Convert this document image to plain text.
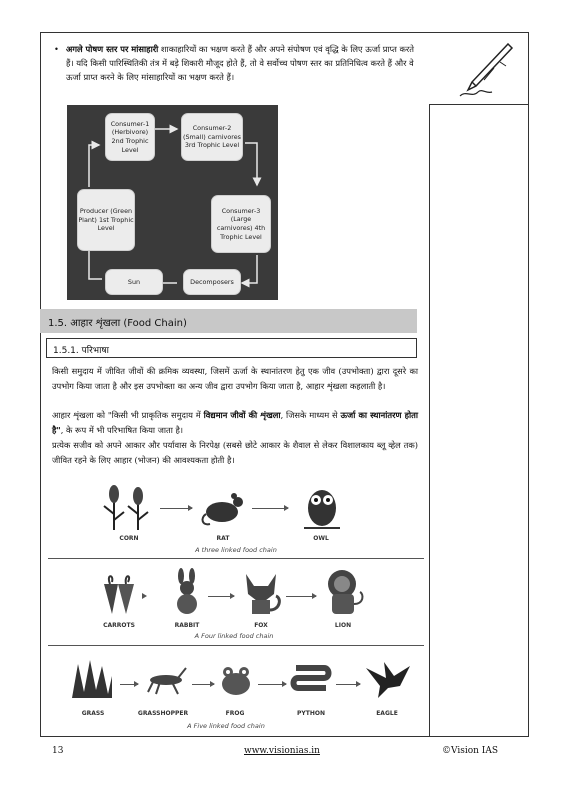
• अगले पोषण स्तर पर मांसाहारी शाकाहारियों का भक्षण करते हैं और अपने संपोषण एवं वृद्धि के लिए ऊर्जा प्राप्त करते हैं। यदि किसी पारिस्थितिकी तंत्र में बड़े शिकारी मौजूद होते हैं, तो वे सर्वोच्च पोषण स्तर का प्रतिनिधित्व करते हैं और वे ऊर्जा प्राप्त करने के लिए मांसाहारियों का भक्षण करते हैं।
Consumer-1 (Herbivore) 2nd Trophic Level
Consumer-2 (Small) carnivores 3rd Trophic Level
Producer (Green Plant) 1st Trophic Level
Consumer-3 (Large carnivores) 4th Trophic Level
Sun	Decomposers
1.5. आहार शृंखला (Food Chain)
1.5.1. परिभाषा
किसी समुदाय में जीवित जीवों की क्रमिक व्यवस्था, जिसमें ऊर्जा के स्थानांतरण हेतु एक जीव (उपभोक्ता) द्वारा दूसरे का उपभोग किया जाता है और इस उपभोक्ता का अन्य जीव द्वारा उपभोग किया जाता है, आहार शृंखला कहलाती है।
आहार शृंखला को "किसी भी प्राकृतिक समुदाय में विद्यमान जीवों की शृंखला, जिसके माध्यम से ऊर्जा का स्थानांतरण होता है", के रूप में भी परिभाषित किया जाता है।
प्रत्येक सजीव को अपने आकार और पर्यावास के निरपेक्ष (सबसे छोटे आकार के शैवाल से लेकर विशालकाय ब्लू व्हेल तक) जीवित रहने के लिए आहार (भोजन) की आवश्यकता होती है।
CORN	RAT	OWL
A three linked food chain
CARROTS	RABBIT	FOX	LION
A Four linked food chain
GRASS	GRASSHOPPER	FROG	PYTHON	EAGLE
A Five linked food chain
13	www.visionias.in	©Vision IAS
